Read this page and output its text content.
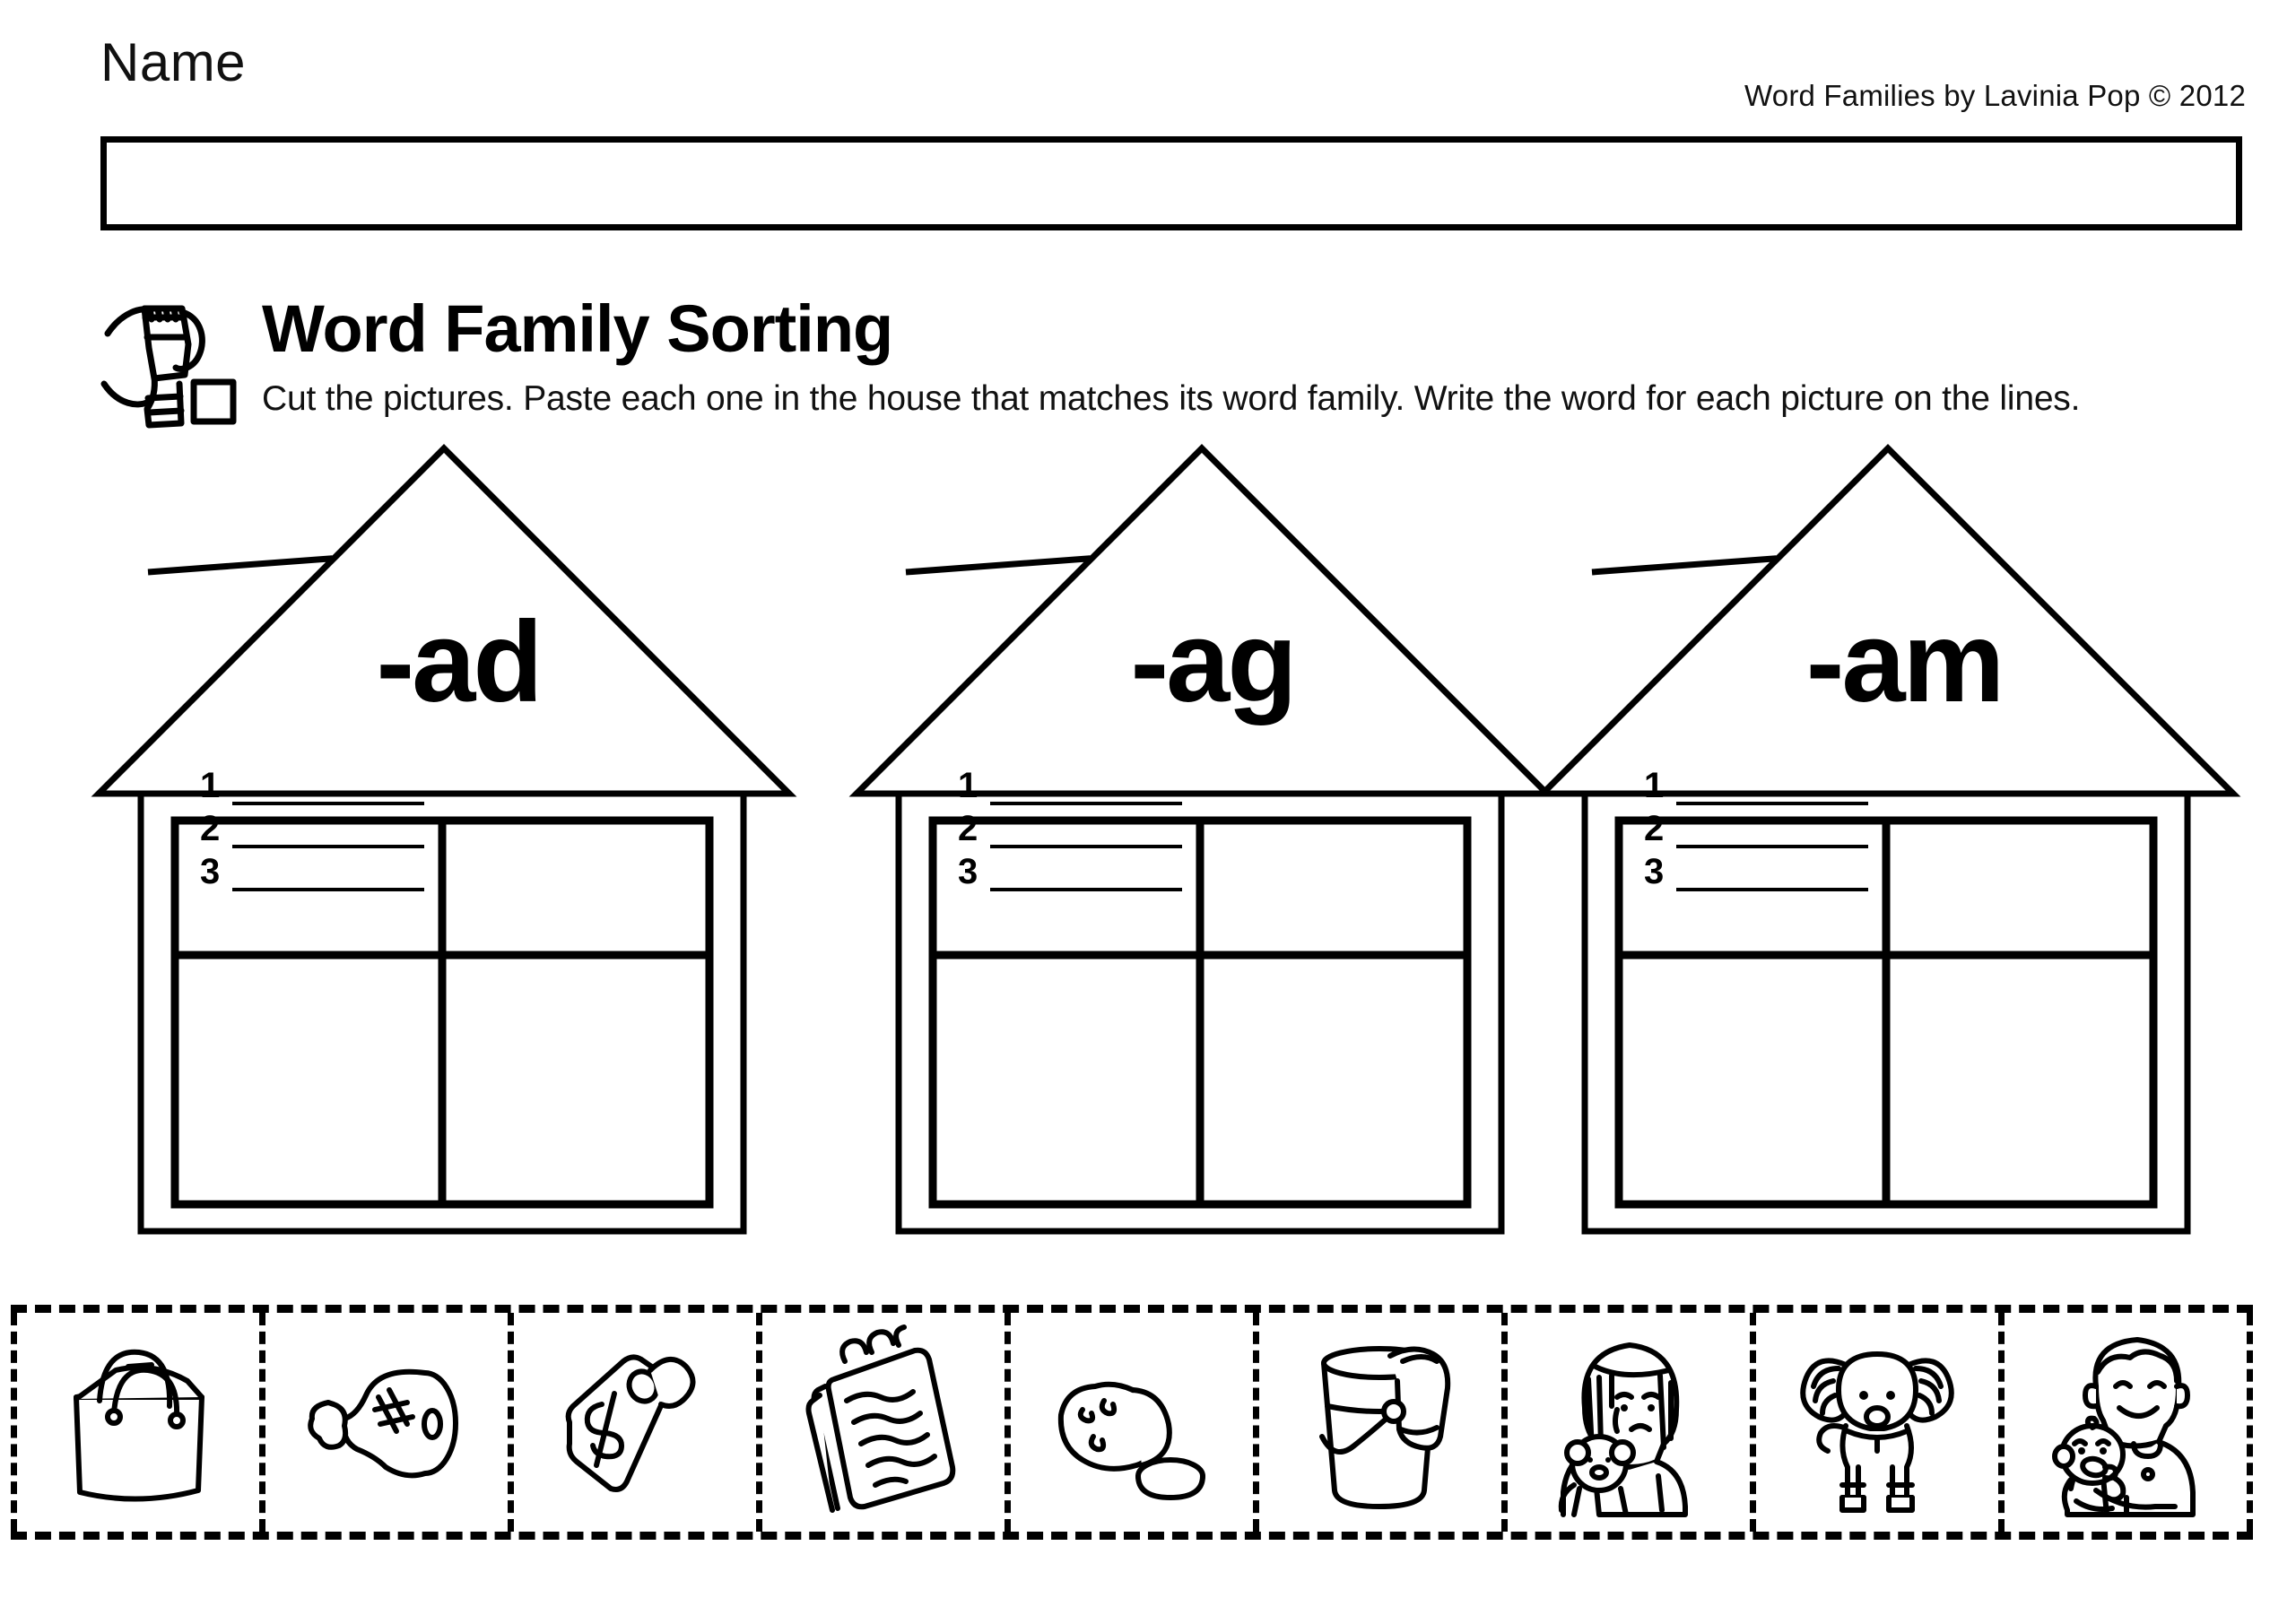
Name
Word Families by Lavinia Pop © 2012
Word Family Sorting
Cut the pictures. Paste each one in the house that matches its word family. Write the word for each picture on the lines.
-ad
1
2
3
-ag
1
2
3
-am
1
2
3
